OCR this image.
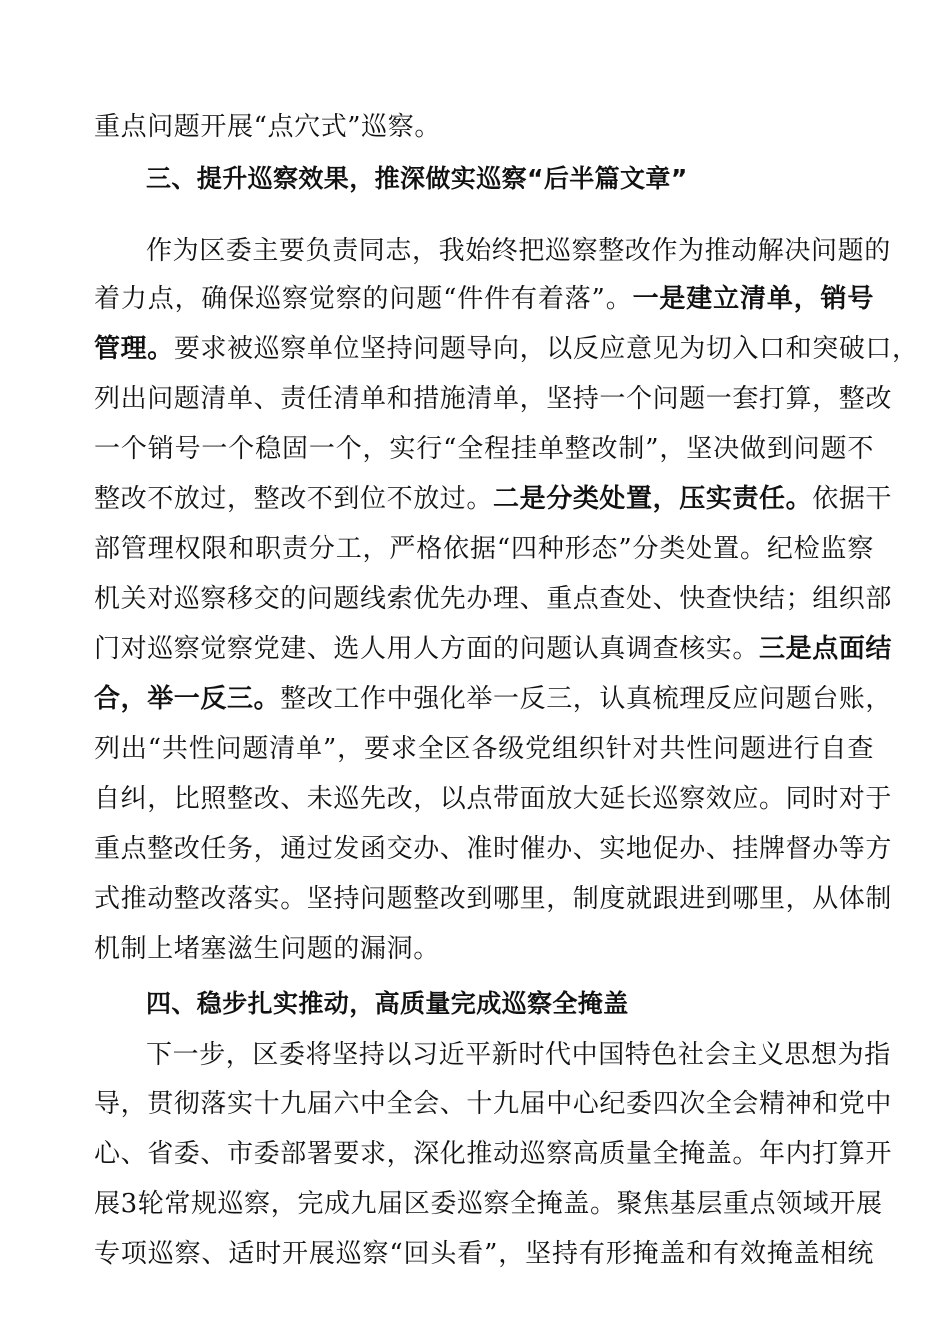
重点问题开展“点穴式”巡察。
三、提升巡察效果，推深做实巡察“后半篇文章”
作为区委主要负责同志，我始终把巡察整改作为推动解决问题的
着力点，确保巡察觉察的问题“件件有着落”。一是建立清单，销号
管理。要求被巡察单位坚持问题导向，以反应意见为切入口和突破口，
列出问题清单、责任清单和措施清单，坚持一个问题一套打算，整改
一个销号一个稳固一个，实行“全程挂单整改制”，坚决做到问题不
整改不放过，整改不到位不放过。二是分类处置，压实责任。依据干
部管理权限和职责分工，严格依据“四种形态”分类处置。纪检监察
机关对巡察移交的问题线索优先办理、重点查处、快查快结；组织部
门对巡察觉察党建、选人用人方面的问题认真调查核实。三是点面结
合，举一反三。整改工作中强化举一反三，认真梳理反应问题台账，
列出“共性问题清单”，要求全区各级党组织针对共性问题进行自查
自纠，比照整改、未巡先改，以点带面放大延长巡察效应。同时对于
重点整改任务，通过发函交办、准时催办、实地促办、挂牌督办等方
式推动整改落实。坚持问题整改到哪里，制度就跟进到哪里，从体制
机制上堵塞滋生问题的漏洞。
四、稳步扎实推动，高质量完成巡察全掩盖
下一步，区委将坚持以习近平新时代中国特色社会主义思想为指
导，贯彻落实十九届六中全会、十九届中心纪委四次全会精神和党中
心、省委、市委部署要求，深化推动巡察高质量全掩盖。年内打算开
展3轮常规巡察，完成九届区委巡察全掩盖。聚焦基层重点领域开展
专项巡察、适时开展巡察“回头看”，坚持有形掩盖和有效掩盖相统
